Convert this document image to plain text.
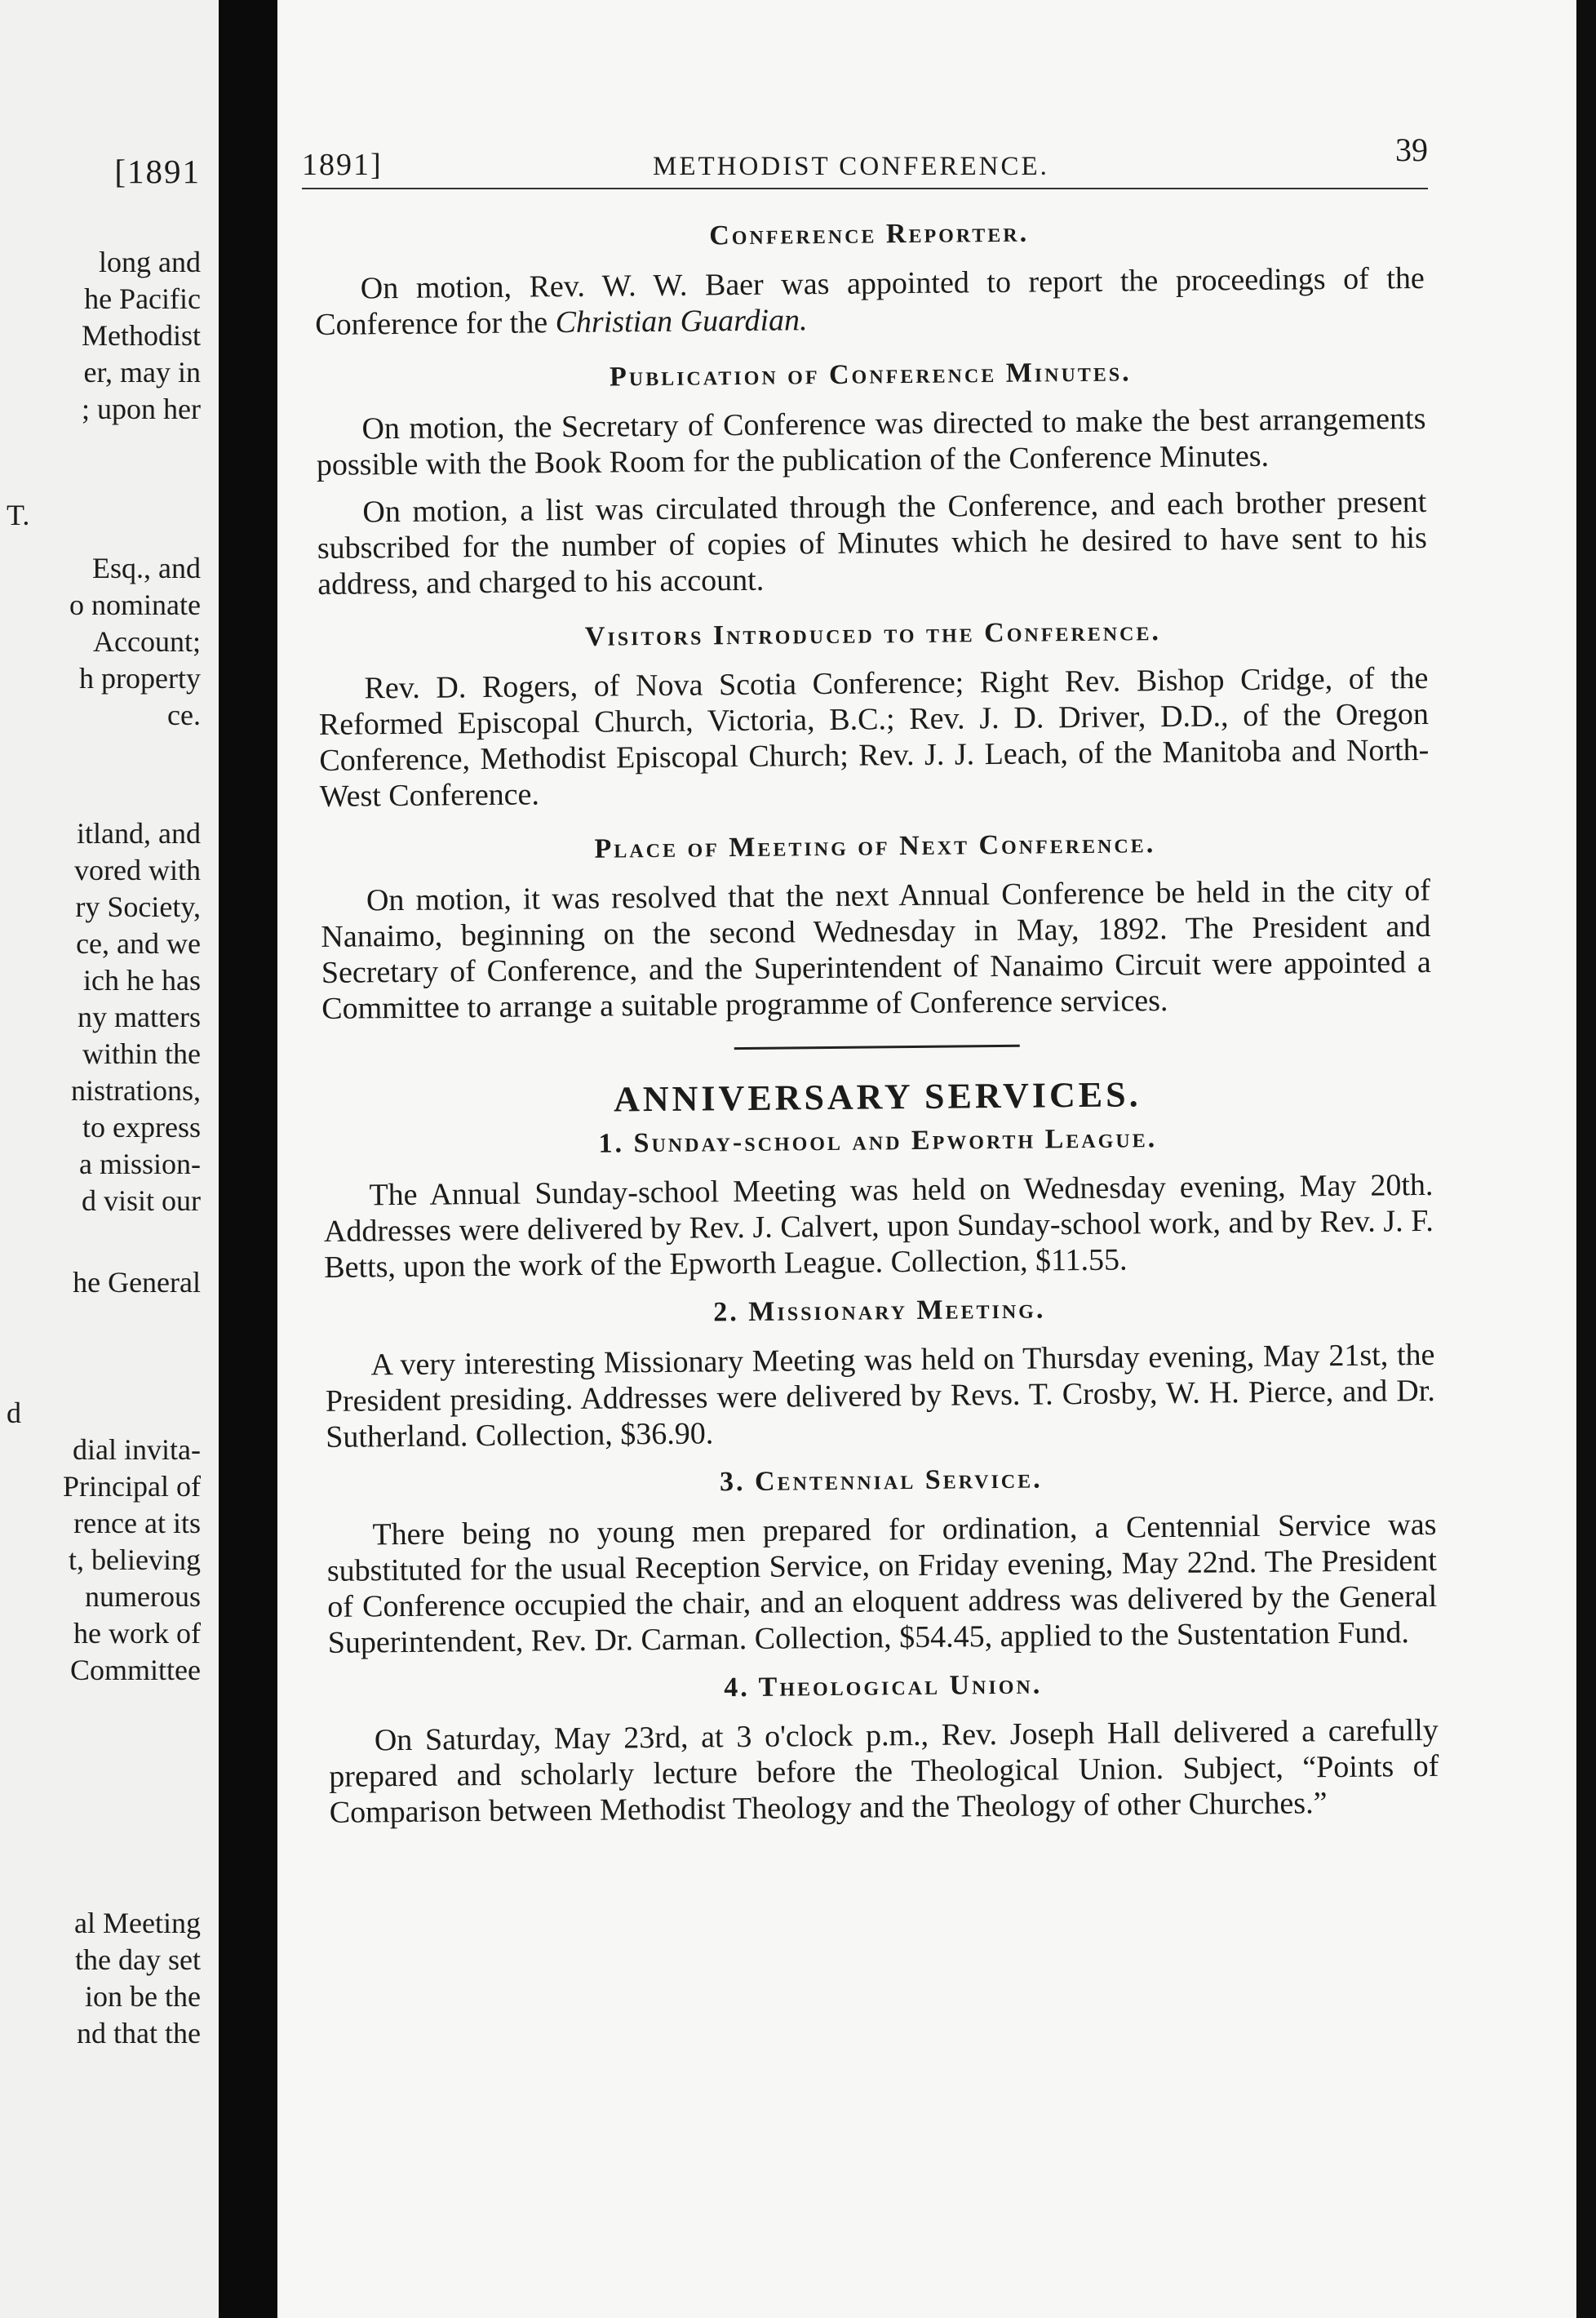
[1891
long and
he Pacific
Methodist
er, may in
; upon her
T.
Esq., and
o nominate
Account;
h property
ce.
itland, and
vored with
ry Society,
ce, and we
ich he has
ny matters
within the
nistrations,
to express
a mission-
d visit our
he General
d
dial invita-
Principal of
rence at its
t, believing
numerous
he work of
Committee
al Meeting
the day set
ion be the
nd that the
1891]	METHODIST CONFERENCE.	39
Conference Reporter.

On motion, Rev. W. W. Baer was appointed to report the proceedings of the Conference for the Christian Guardian.

Publication of Conference Minutes.

On motion, the Secretary of Conference was directed to make the best arrangements possible with the Book Room for the publication of the Conference Minutes.

On motion, a list was circulated through the Conference, and each brother present subscribed for the number of copies of Minutes which he desired to have sent to his address, and charged to his account.

Visitors Introduced to the Conference.

Rev. D. Rogers, of Nova Scotia Conference; Right Rev. Bishop Cridge, of the Reformed Episcopal Church, Victoria, B.C.; Rev. J. D. Driver, D.D., of the Oregon Conference, Methodist Episcopal Church; Rev. J. J. Leach, of the Manitoba and North-West Conference.

Place of Meeting of Next Conference.

On motion, it was resolved that the next Annual Conference be held in the city of Nanaimo, beginning on the second Wednesday in May, 1892. The President and Secretary of Conference, and the Superintendent of Nanaimo Circuit were appointed a Committee to arrange a suitable programme of Conference services.

ANNIVERSARY SERVICES.
1. Sunday-school and Epworth League.

The Annual Sunday-school Meeting was held on Wednesday evening, May 20th. Addresses were delivered by Rev. J. Calvert, upon Sunday-school work, and by Rev. J. F. Betts, upon the work of the Epworth League. Collection, $11.55.

2. Missionary Meeting.

A very interesting Missionary Meeting was held on Thursday evening, May 21st, the President presiding. Addresses were delivered by Revs. T. Crosby, W. H. Pierce, and Dr. Sutherland. Collection, $36.90.

3. Centennial Service.

There being no young men prepared for ordination, a Centennial Service was substituted for the usual Reception Service, on Friday evening, May 22nd. The President of Conference occupied the chair, and an eloquent address was delivered by the General Superintendent, Rev. Dr. Carman. Collection, $54.45, applied to the Sustentation Fund.

4. Theological Union.

On Saturday, May 23rd, at 3 o'clock p.m., Rev. Joseph Hall delivered a carefully prepared and scholarly lecture before the Theological Union. Subject, “Points of Comparison between Methodist Theology and the Theology of other Churches.”
